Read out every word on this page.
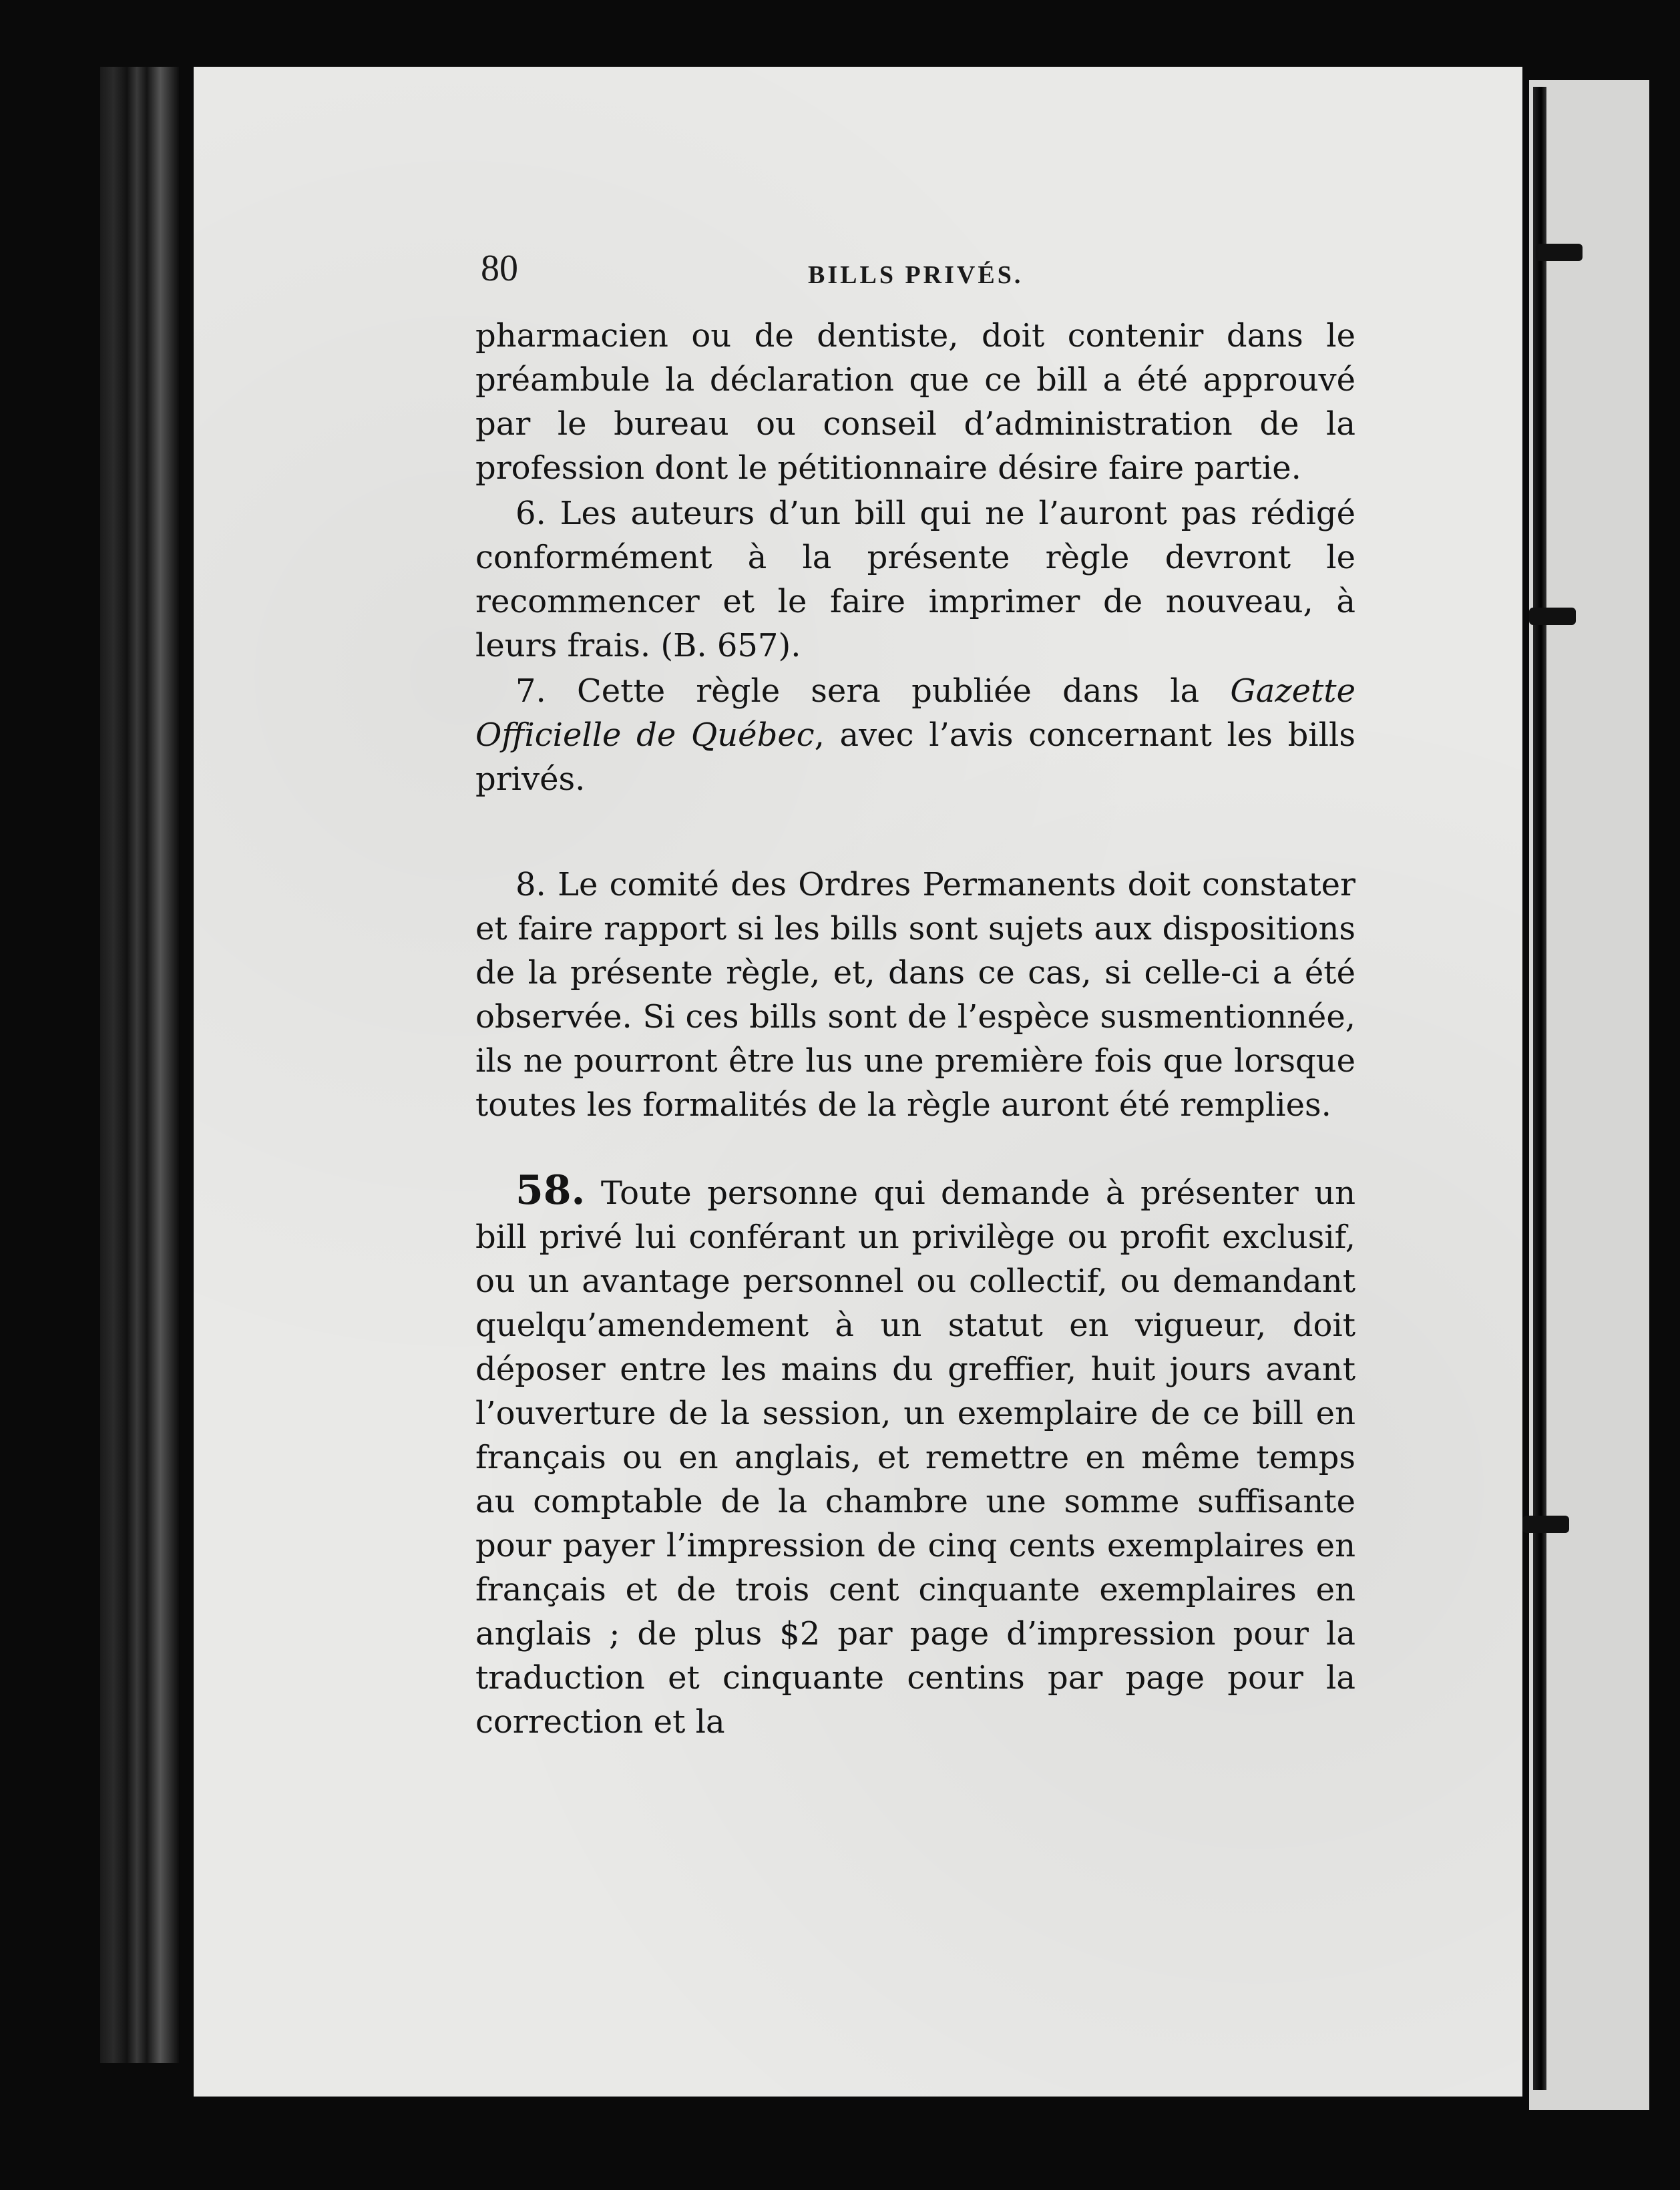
80	BILLS PRIVÉS.

pharmacien ou de dentiste, doit contenir dans le préambule la déclaration que ce bill a été approuvé par le bureau ou conseil d’administration de la profession dont le pétitionnaire désire faire partie.

6. Les auteurs d’un bill qui ne l’auront pas rédigé conformément à la présente règle devront le recommencer et le faire imprimer de nouveau, à leurs frais. (B. 657).

7. Cette règle sera publiée dans la Gazette Officielle de Québec, avec l’avis concernant les bills privés.

8. Le comité des Ordres Permanents doit constater et faire rapport si les bills sont sujets aux dispositions de la présente règle, et, dans ce cas, si celle-ci a été observée. Si ces bills sont de l’espèce susmentionnée, ils ne pourront être lus une première fois que lorsque toutes les formalités de la règle auront été remplies.

58. Toute personne qui demande à présenter un bill privé lui conférant un privilège ou profit exclusif, ou un avantage personnel ou collectif, ou demandant quelqu’amendement à un statut en vigueur, doit déposer entre les mains du greffier, huit jours avant l’ouverture de la session, un exemplaire de ce bill en français ou en anglais, et remettre en même temps au comptable de la chambre une somme suffisante pour payer l’impression de cinq cents exemplaires en français et de trois cent cinquante exemplaires en anglais ; de plus $2 par page d’impression pour la traduction et cinquante centins par page pour la correction et la
